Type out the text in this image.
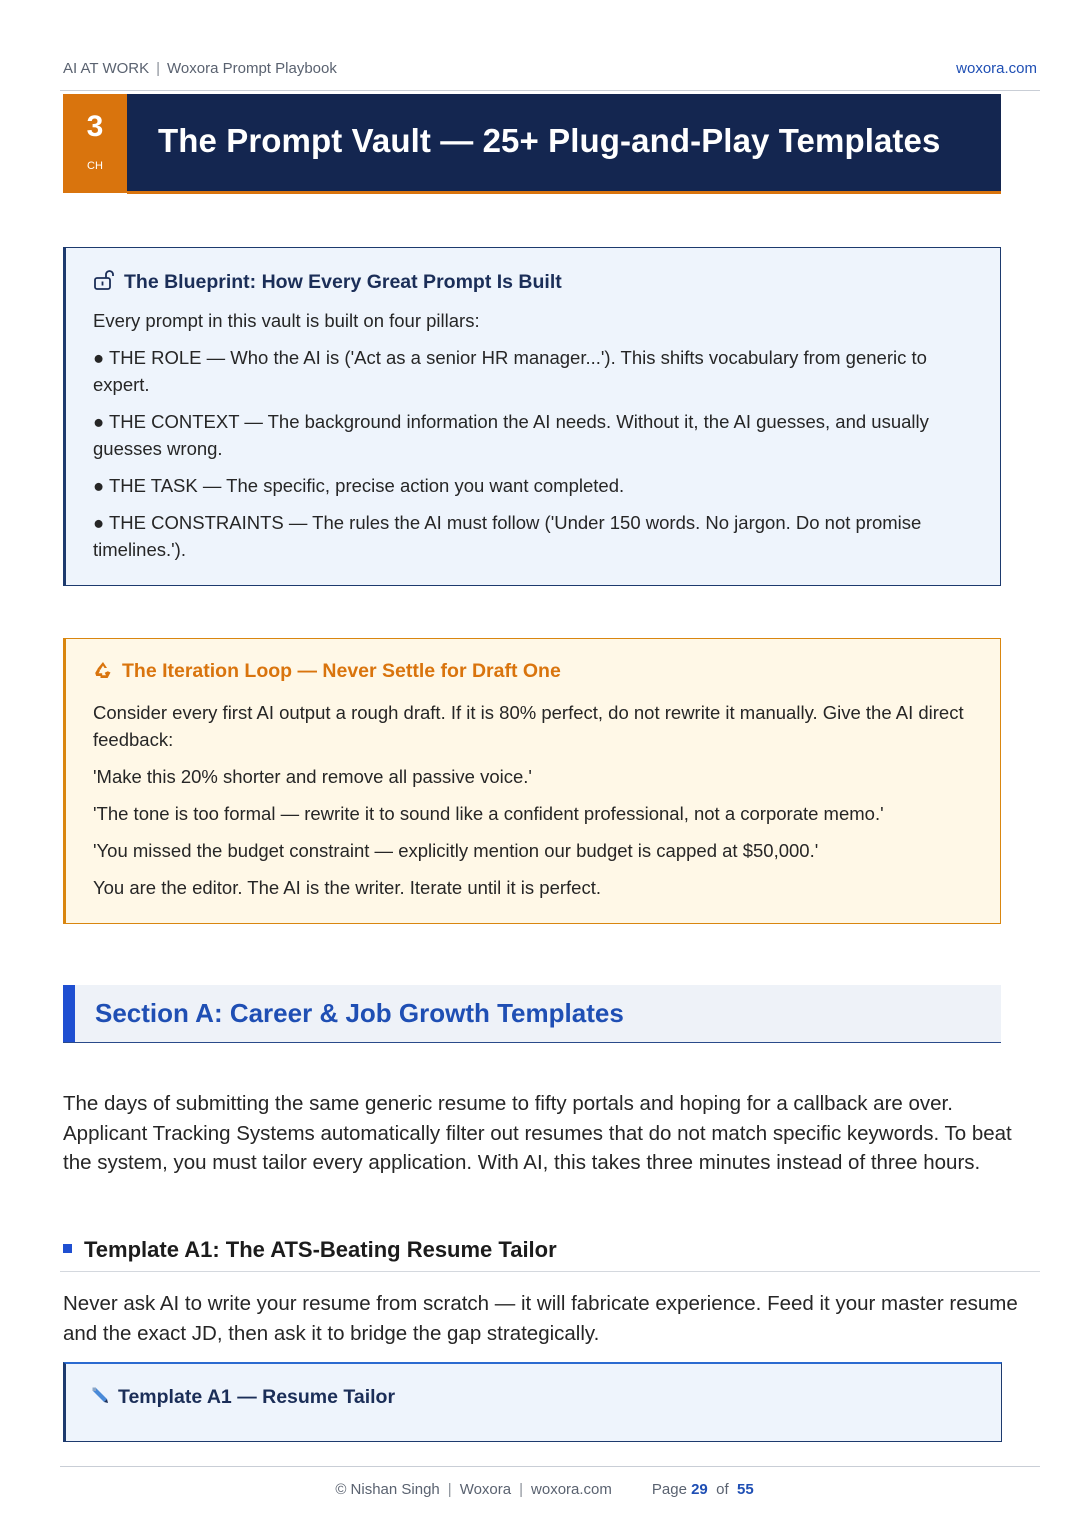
AI AT WORK | Woxora Prompt Playbook	woxora.com
3
CH
The Prompt Vault — 25+ Plug-and-Play Templates
The Blueprint: How Every Great Prompt Is Built

Every prompt in this vault is built on four pillars:

● THE ROLE — Who the AI is ('Act as a senior HR manager...'). This shifts vocabulary from generic to expert.

● THE CONTEXT — The background information the AI needs. Without it, the AI guesses, and usually guesses wrong.

● THE TASK — The specific, precise action you want completed.

● THE CONSTRAINTS — The rules the AI must follow ('Under 150 words. No jargon. Do not promise timelines.').

The Iteration Loop — Never Settle for Draft One

Consider every first AI output a rough draft. If it is 80% perfect, do not rewrite it manually. Give the AI direct feedback:

'Make this 20% shorter and remove all passive voice.'

'The tone is too formal — rewrite it to sound like a confident professional, not a corporate memo.'

'You missed the budget constraint — explicitly mention our budget is capped at $50,000.'

You are the editor. The AI is the writer. Iterate until it is perfect.

Section A: Career & Job Growth Templates

The days of submitting the same generic resume to fifty portals and hoping for a callback are over. Applicant Tracking Systems automatically filter out resumes that do not match specific keywords. To beat the system, you must tailor every application. With AI, this takes three minutes instead of three hours.

Template A1: The ATS-Beating Resume Tailor

Never ask AI to write your resume from scratch — it will fabricate experience. Feed it your master resume and the exact JD, then ask it to bridge the gap strategically.

Template A1 — Resume Tailor
© Nishan Singh | Woxora | woxora.com	Page 29 of 55
